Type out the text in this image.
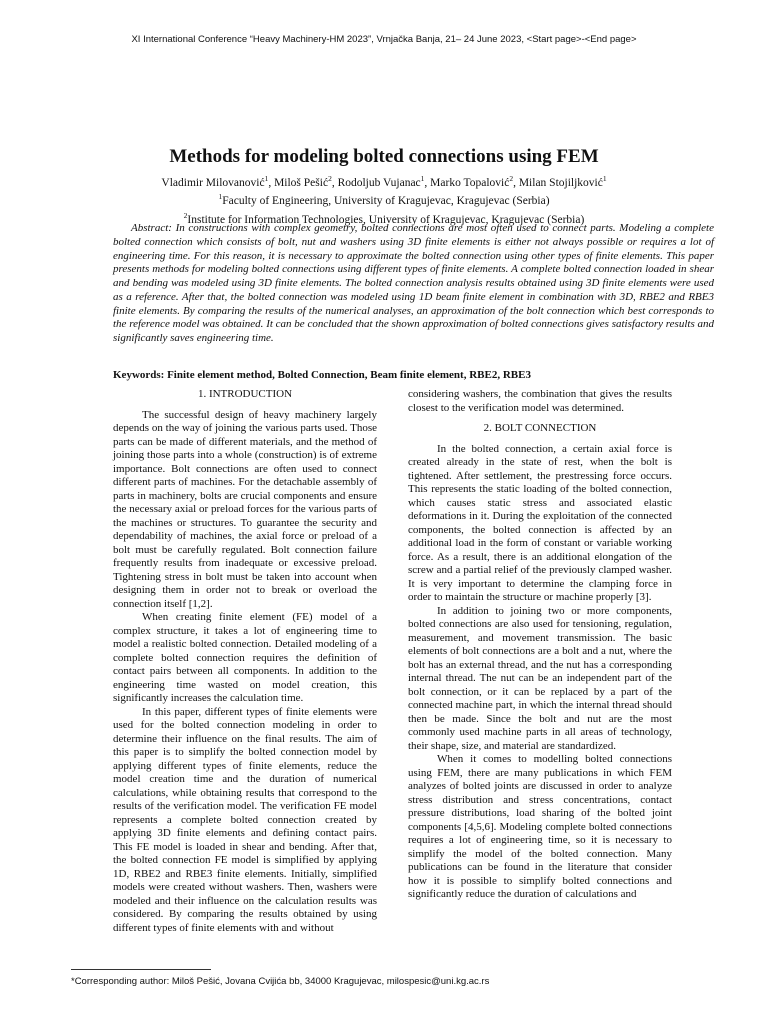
XI International Conference “Heavy Machinery-HM 2023”, Vrnjačka Banja, 21– 24 June 2023, <Start page>-<End page>
Methods for modeling bolted connections using FEM
Vladimir Milovanović$^1$, Miloš Pešić$^2$, Rodoljub Vujanac$^1$, Marko Topalović$^2$, Milan Stojiljković$^1$
$^1$Faculty of Engineering, University of Kragujevac, Kragujevac (Serbia)
$^2$Institute for Information Technologies, University of Kragujevac, Kragujevac (Serbia)
Abstract: In constructions with complex geometry, bolted connections are most often used to connect parts. Modeling a complete bolted connection which consists of bolt, nut and washers using 3D finite elements is either not always possible or requires a lot of engineering time. For this reason, it is necessary to approximate the bolted connection using other types of finite elements. This paper presents methods for modeling bolted connections using different types of finite elements. A complete bolted connection loaded in shear and bending was modeled using 3D finite elements. The bolted connection analysis results obtained using 3D finite elements were used as a reference. After that, the bolted connection was modeled using 1D beam finite element in combination with 3D, RBE2 and RBE3 finite elements. By comparing the results of the numerical analyses, an approximation of the bolt connection which best corresponds to the reference model was obtained. It can be concluded that the shown approximation of bolted connections gives satisfactory results and significantly saves engineering time.
Keywords: Finite element method, Bolted Connection, Beam finite element, RBE2, RBE3
1. INTRODUCTION

The successful design of heavy machinery largely depends on the way of joining the various parts used. Those parts can be made of different materials, and the method of joining those parts into a whole (construction) is of extreme importance. Bolt connections are often used to connect different parts of machines. For the detachable assembly of parts in machinery, bolts are crucial components and ensure the necessary axial or preload forces for the various parts of the machines or structures. To guarantee the security and dependability of machines, the axial force or preload of a bolt must be carefully regulated. Bolt connection failure frequently results from inadequate or excessive preload. Tightening stress in bolt must be taken into account when designing them in order not to break or overload the connection itself [1,2].

When creating finite element (FE) model of a complex structure, it takes a lot of engineering time to model a realistic bolted connection. Detailed modeling of a complete bolted connection requires the definition of contact pairs between all components. In addition to the engineering time wasted on model creation, this significantly increases the calculation time.

In this paper, different types of finite elements were used for the bolted connection modeling in order to determine their influence on the final results. The aim of this paper is to simplify the bolted connection model by applying different types of finite elements, reduce the model creation time and the duration of numerical calculations, while obtaining results that correspond to the results of the verification model. The verification FE model represents a complete bolted connection created by applying 3D finite elements and defining contact pairs. This FE model is loaded in shear and bending. After that, the bolted connection FE model is simplified by applying 1D, RBE2 and RBE3 finite elements. Initially, simplified models were created without washers. Then, washers were modeled and their influence on the calculation results was considered. By comparing the results obtained by using different types of finite elements with and without

considering washers, the combination that gives the results closest to the verification model was determined.

2. BOLT CONNECTION

In the bolted connection, a certain axial force is created already in the state of rest, when the bolt is tightened. After settlement, the prestressing force occurs. This represents the static loading of the bolted connection, which causes static stress and associated elastic deformations in it. During the exploitation of the connected components, the bolted connection is affected by an additional load in the form of constant or variable working force. As a result, there is an additional elongation of the screw and a partial relief of the previously clamped washer. It is very important to determine the clamping force in order to maintain the structure or machine properly [3].

In addition to joining two or more components, bolted connections are also used for tensioning, regulation, measurement, and movement transmission. The basic elements of bolt connections are a bolt and a nut, where the bolt has an external thread, and the nut has a corresponding internal thread. The nut can be an independent part of the bolt connection, or it can be replaced by a part of the connected machine part, in which the internal thread should then be made. Since the bolt and nut are the most commonly used machine parts in all areas of technology, their shape, size, and material are standardized.

When it comes to modelling bolted connections using FEM, there are many publications in which FEM analyzes of bolted joints are discussed in order to analyze stress distribution and stress concentrations, contact pressure distributions, load sharing of the bolted joint components [4,5,6]. Modeling complete bolted connections requires a lot of engineering time, so it is necessary to simplify the model of the bolted connection. Many publications can be found in the literature that consider how it is possible to simplify bolted connections and significantly reduce the duration of calculations and

*Corresponding author: Miloš Pešić, Jovana Cvijića bb, 34000 Kragujevac, milospesic@uni.kg.ac.rs
